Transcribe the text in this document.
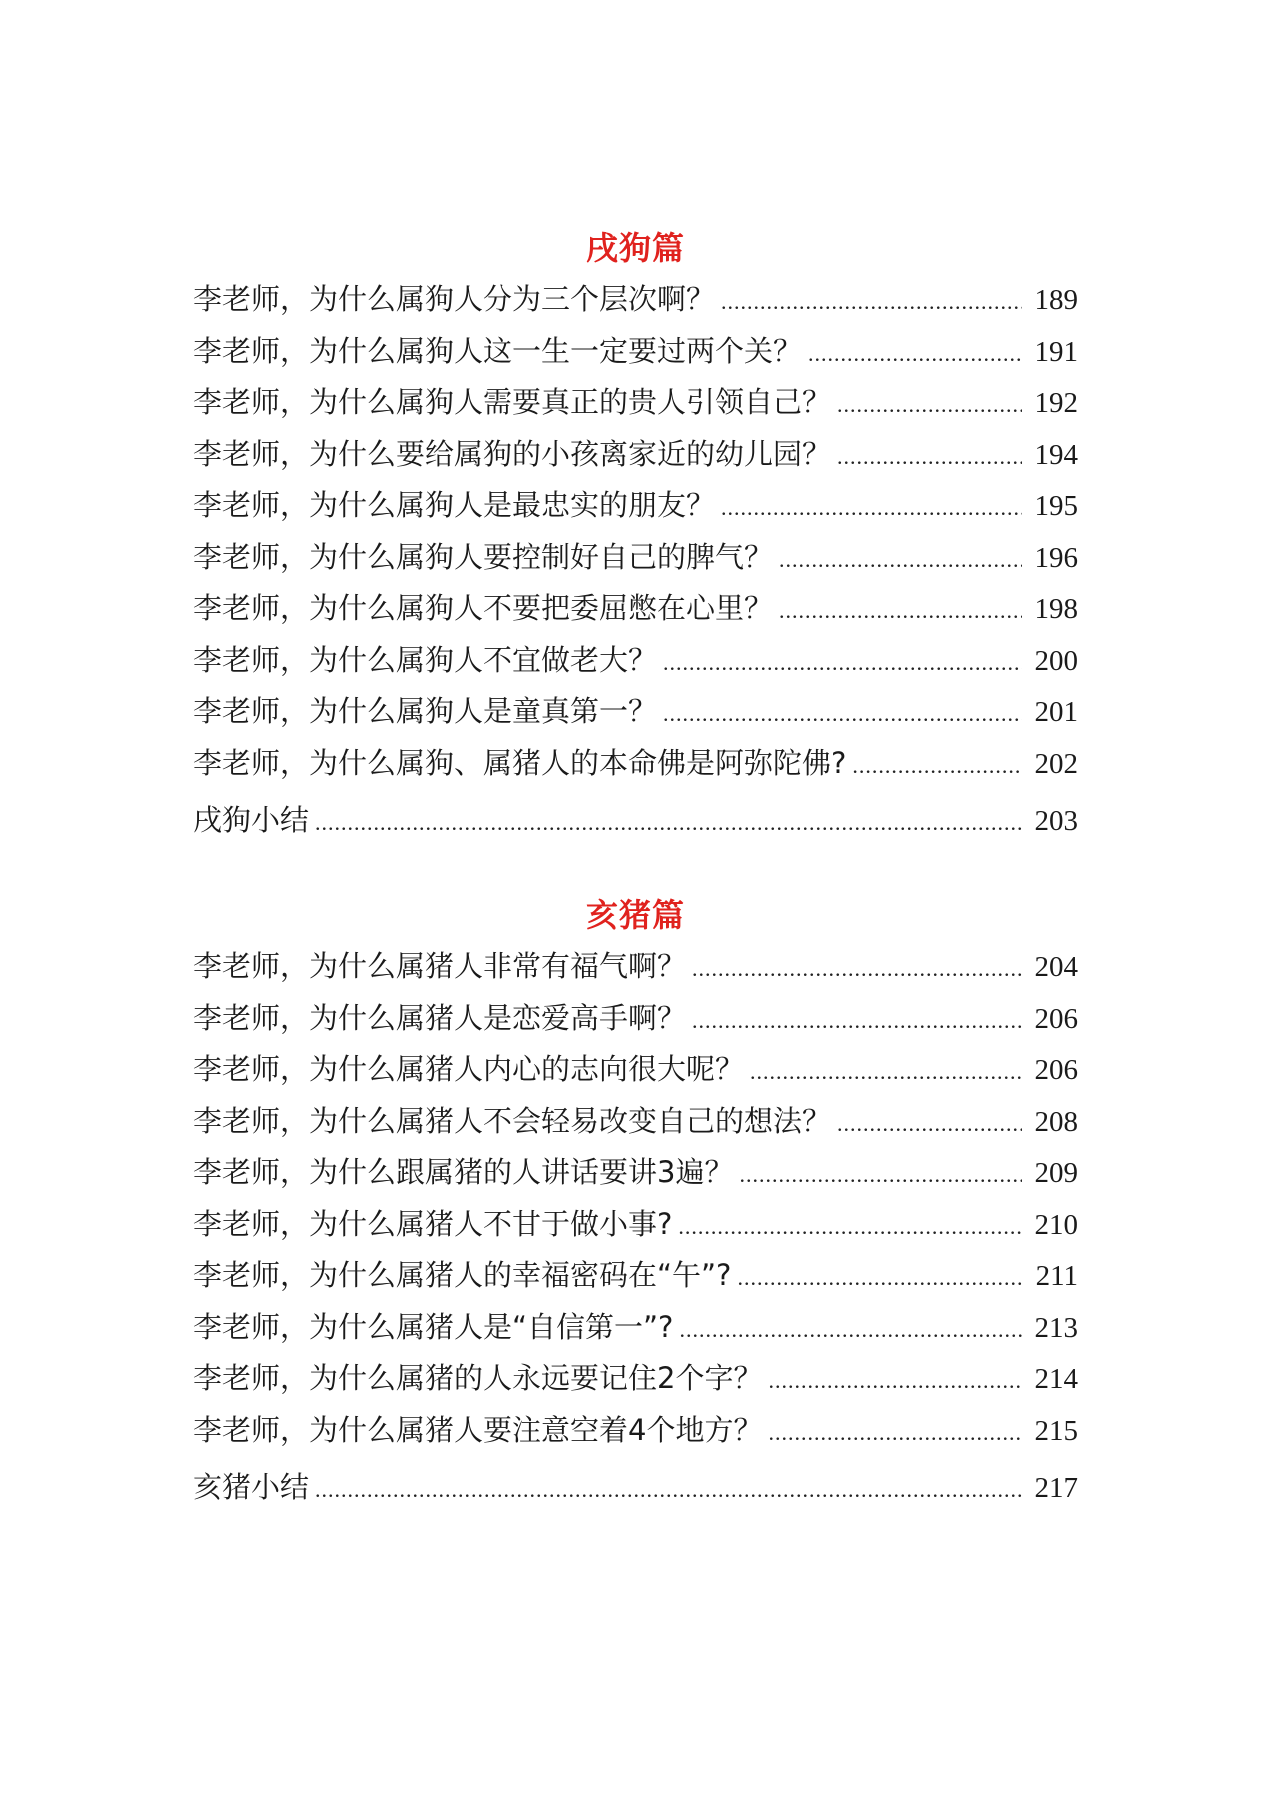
戌狗篇
李老师，为什么属狗人分为三个层次啊？ .....	189
李老师，为什么属狗人这一生一定要过两个关？ .....	191
李老师，为什么属狗人需要真正的贵人引领自己？ .....	192
李老师，为什么要给属狗的小孩离家近的幼儿园？ .....	194
李老师，为什么属狗人是最忠实的朋友？ .....	195
李老师，为什么属狗人要控制好自己的脾气？ .....	196
李老师，为什么属狗人不要把委屈憋在心里？ .....	198
李老师，为什么属狗人不宜做老大？ .....	200
李老师，为什么属狗人是童真第一？ .....	201
李老师，为什么属狗、属猪人的本命佛是阿弥陀佛? .....	202
戌狗小结 .....	203
亥猪篇
李老师，为什么属猪人非常有福气啊？ .....	204
李老师，为什么属猪人是恋爱高手啊？ .....	206
李老师，为什么属猪人内心的志向很大呢？ .....	206
李老师，为什么属猪人不会轻易改变自己的想法？ .....	208
李老师，为什么跟属猪的人讲话要讲3遍？ .....	209
李老师，为什么属猪人不甘于做小事? .....	210
李老师，为什么属猪人的幸福密码在“午”? .....	211
李老师，为什么属猪人是“自信第一”? .....	213
李老师，为什么属猪的人永远要记住2个字？ .....	214
李老师，为什么属猪人要注意空着4个地方？ .....	215
亥猪小结 .....	217
